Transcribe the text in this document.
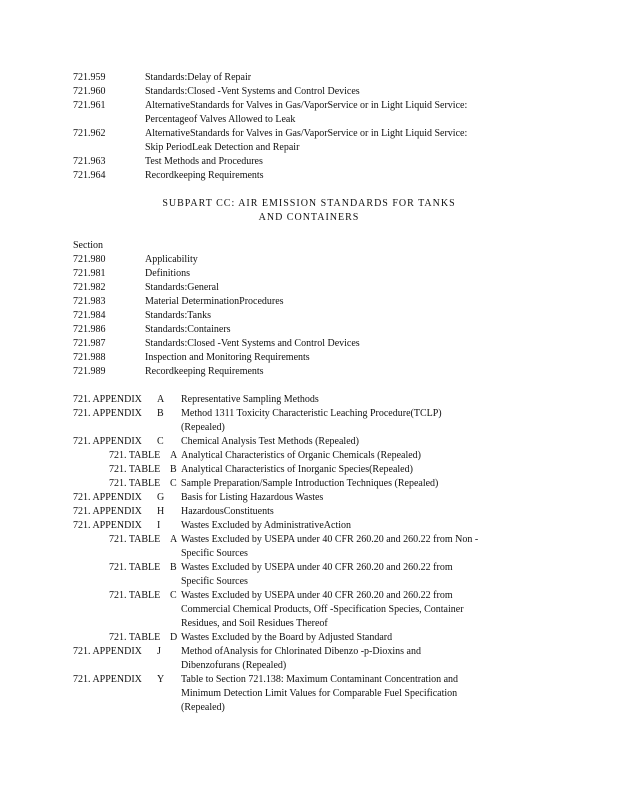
721.959	Standards:Delay of Repair
721.960	Standards:Closed -Vent Systems and Control Devices
721.961	AlternativeStandards for Valves in Gas/VaporService or in Light Liquid Service:
Percentageof Valves Allowed to Leak
721.962	AlternativeStandards for Valves in Gas/VaporService or in Light Liquid Service:
Skip PeriodLeak Detection and Repair
721.963	Test Methods and Procedures
721.964	Recordkeeping Requirements
SUBPART CC: AIR EMISSION STANDARDS FOR TANKS
AND CONTAINERS
Section
721.980	Applicability
721.981	Definitions
721.982	Standards:General
721.983	Material DeterminationProcedures
721.984	Standards:Tanks
721.986	Standards:Containers
721.987	Standards:Closed -Vent Systems and Control Devices
721.988	Inspection and Monitoring Requirements
721.989	Recordkeeping Requirements
721. APPENDIX A Representative Sampling Methods
721. APPENDIX B Method 1311 Toxicity Characteristic Leaching Procedure(TCLP)
(Repealed)
721. APPENDIX C Chemical Analysis Test Methods (Repealed)
721. TABLE A Analytical Characteristics of Organic Chemicals (Repealed)
721. TABLE B Analytical Characteristics of Inorganic Species(Repealed)
721. TABLE C Sample Preparation/Sample Introduction Techniques (Repealed)
721. APPENDIX G Basis for Listing Hazardous Wastes
721. APPENDIX H HazardousConstituents
721. APPENDIX I Wastes Excluded by AdministrativeAction
721. TABLE A Wastes Excluded by USEPA under 40 CFR 260.20 and 260.22 from Non -
Specific Sources
721. TABLE B Wastes Excluded by USEPA under 40 CFR 260.20 and 260.22 from
Specific Sources
721. TABLE C Wastes Excluded by USEPA under 40 CFR 260.20 and 260.22 from
Commercial Chemical Products, Off -Specification Species, Container
Residues, and Soil Residues Thereof
721. TABLE D Wastes Excluded by the Board by Adjusted Standard
721. APPENDIX J Method ofAnalysis for Chlorinated Dibenzo -p-Dioxins and
Dibenzofurans (Repealed)
721. APPENDIX Y Table to Section 721.138: Maximum Contaminant Concentration and
Minimum Detection Limit Values for Comparable Fuel Specification
(Repealed)
